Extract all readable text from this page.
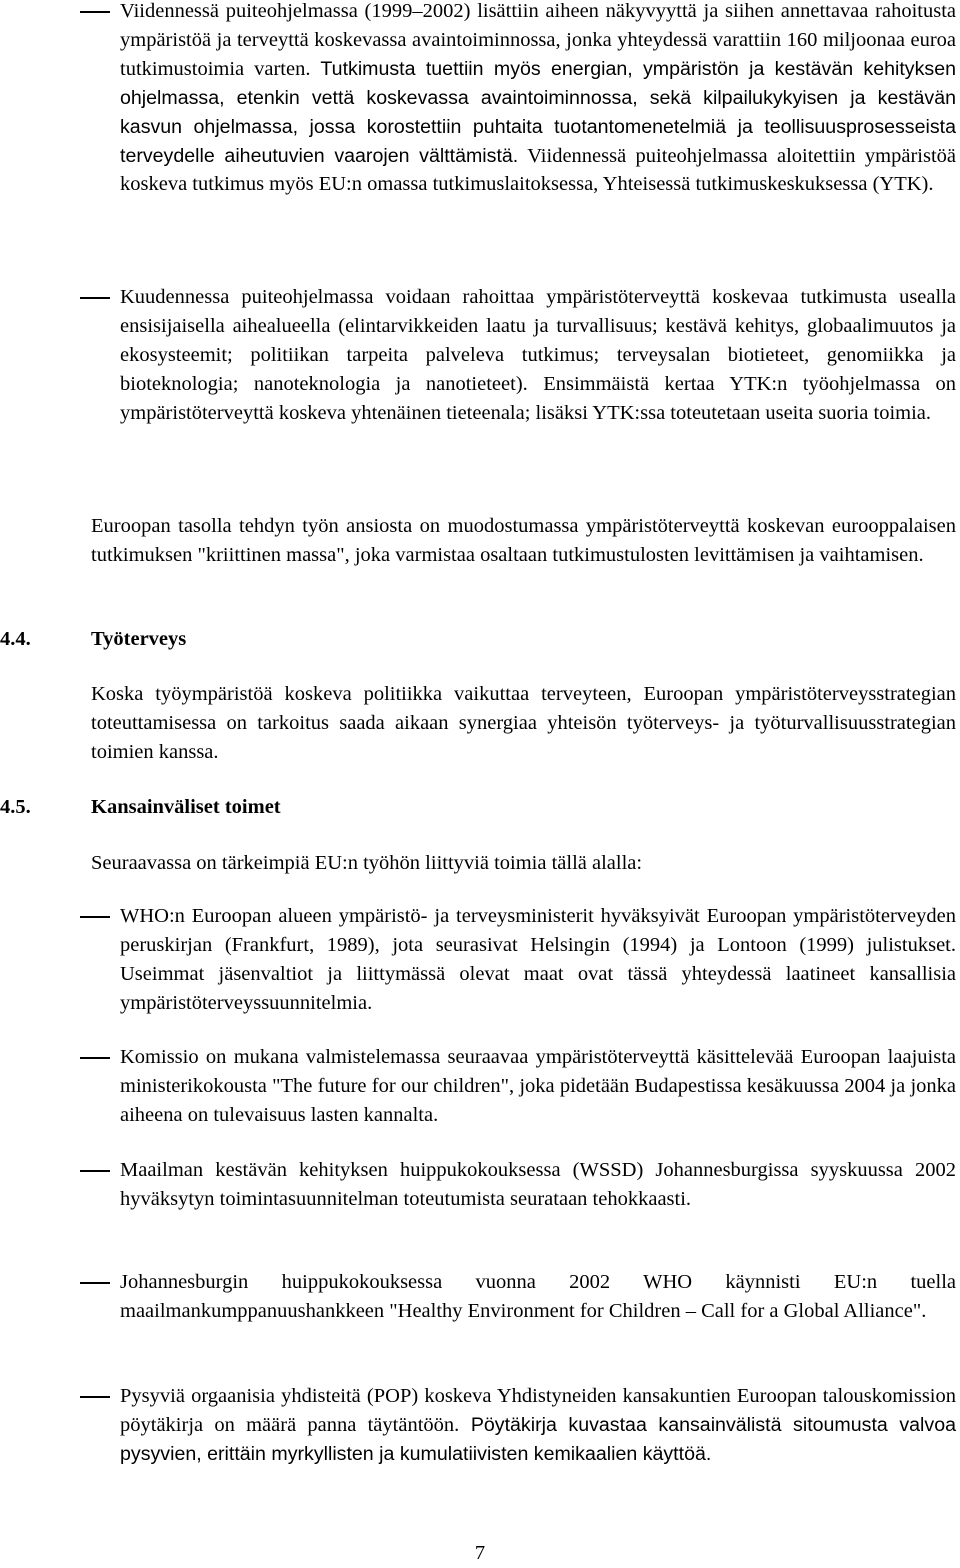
Viidennessä puiteohjelmassa (1999–2002) lisättiin aiheen näkyvyyttä ja siihen annettavaa rahoitusta ympäristöä ja terveyttä koskevassa avaintoiminnossa, jonka yhteydessä varattiin 160 miljoonaa euroa tutkimustoimia varten. Tutkimusta tuettiin myös energian, ympäristön ja kestävän kehityksen ohjelmassa, etenkin vettä koskevassa avaintoiminnossa, sekä kilpailukykyisen ja kestävän kasvun ohjelmassa, jossa korostettiin puhtaita tuotantomenetelmiä ja teollisuusprosesseista terveydelle aiheutuvien vaarojen välttämistä. Viidennessä puiteohjelmassa aloitettiin ympäristöä koskeva tutkimus myös EU:n omassa tutkimuslaitoksessa, Yhteisessä tutkimuskeskuksessa (YTK).
Kuudennessa puiteohjelmassa voidaan rahoittaa ympäristöterveyttä koskevaa tutkimusta usealla ensisijaisella aihealueella (elintarvikkeiden laatu ja turvallisuus; kestävä kehitys, globaalimuutos ja ekosysteemit; politiikan tarpeita palveleva tutkimus; terveysalan biotieteet, genomiikka ja bioteknologia; nanoteknologia ja nanotieteet). Ensimmäistä kertaa YTK:n työohjelmassa on ympäristöterveyttä koskeva yhtenäinen tieteenala; lisäksi YTK:ssa toteutetaan useita suoria toimia.
Euroopan tasolla tehdyn työn ansiosta on muodostumassa ympäristöterveyttä koskevan eurooppalaisen tutkimuksen "kriittinen massa", joka varmistaa osaltaan tutkimustulosten levittämisen ja vaihtamisen.
4.4.	Työterveys
Koska työympäristöä koskeva politiikka vaikuttaa terveyteen, Euroopan ympäristöterveysstrategian toteuttamisessa on tarkoitus saada aikaan synergiaa yhteisön työterveys- ja työturvallisuusstrategian toimien kanssa.
4.5.	Kansainväliset toimet
Seuraavassa on tärkeimpiä EU:n työhön liittyviä toimia tällä alalla:
WHO:n Euroopan alueen ympäristö- ja terveysministerit hyväksyivät Euroopan ympäristöterveyden peruskirjan (Frankfurt, 1989), jota seurasivat Helsingin (1994) ja Lontoon (1999) julistukset. Useimmat jäsenvaltiot ja liittymässä olevat maat ovat tässä yhteydessä laatineet kansallisia ympäristöterveyssuunnitelmia.
Komissio on mukana valmistelemassa seuraavaa ympäristöterveyttä käsittelevää Euroopan laajuista ministerikokousta "The future for our children", joka pidetään Budapestissa kesäkuussa 2004 ja jonka aiheena on tulevaisuus lasten kannalta.
Maailman kestävän kehityksen huippukokouksessa (WSSD) Johannesburgissa syyskuussa 2002 hyväksytyn toimintasuunnitelman toteutumista seurataan tehokkaasti.
Johannesburgin huippukokouksessa vuonna 2002 WHO käynnisti EU:n tuella maailmankumppanuushankkeen "Healthy Environment for Children – Call for a Global Alliance".
Pysyviä orgaanisia yhdisteitä (POP) koskeva Yhdistyneiden kansakuntien Euroopan talouskomission pöytäkirja on määrä panna täytäntöön. Pöytäkirja kuvastaa kansainvälistä sitoumusta valvoa pysyvien, erittäin myrkyllisten ja kumulatiivisten kemikaalien käyttöä.
7
